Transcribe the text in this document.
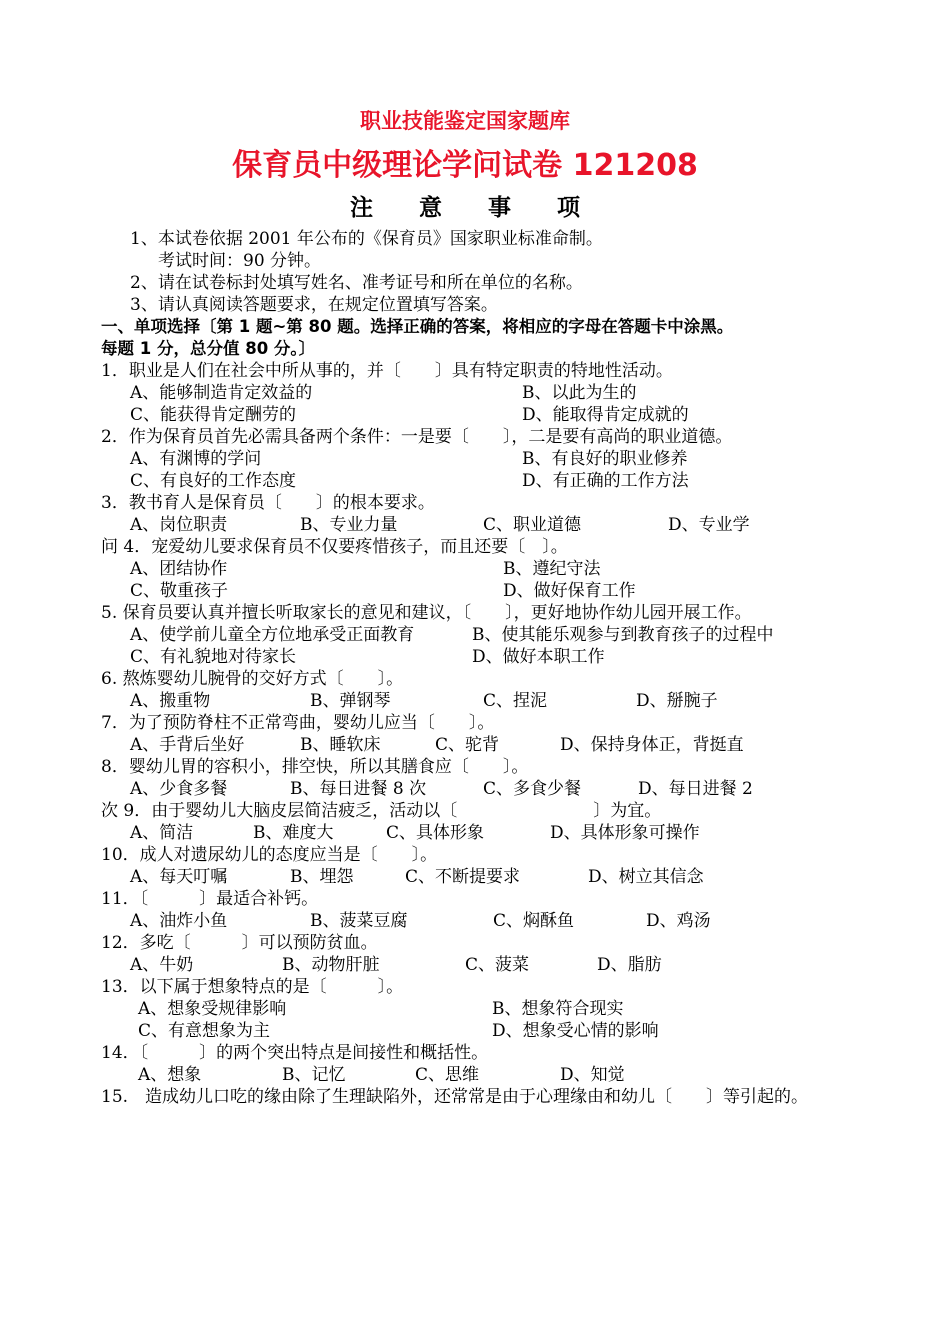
职业技能鉴定国家题库
保育员中级理论学问试卷 121208
注　　意　　事　　项
1、本试卷依据 2001 年公布的《保育员》国家职业标准命制。
考试时间：90 分钟。
2、请在试卷标封处填写姓名、准考证号和所在单位的名称。
3、请认真阅读答题要求，在规定位置填写答案。
一、单项选择〔第 1 题~第 80 题。选择正确的答案，将相应的字母在答题卡中涂黑。
每题 1 分，总分值 80 分。〕
1．职业是人们在社会中所从事的，并〔　　〕具有特定职责的特地性活动。
A、能够制造肯定效益的	B、以此为生的
C、能获得肯定酬劳的	D、能取得肯定成就的
2．作为保育员首先必需具备两个条件：一是要〔　　〕，二是要有高尚的职业道德。
A、有渊博的学问	B、有良好的职业修养
C、有良好的工作态度	D、有正确的工作方法
3．教书育人是保育员〔　　〕的根本要求。
A、岗位职责	B、专业力量	C、职业道德	D、专业学
问 4．宠爱幼儿要求保育员不仅要疼惜孩子，而且还要〔　〕。
A、团结协作	B、遵纪守法
C、敬重孩子	D、做好保育工作
5. 保育员要认真并擅长听取家长的意见和建议，〔　　〕，更好地协作幼儿园开展工作。
A、使学前儿童全方位地承受正面教育	B、使其能乐观参与到教育孩子的过程中
C、有礼貌地对待家长	D、做好本职工作
6. 熬炼婴幼儿腕骨的交好方式〔　　〕。
A、搬重物	B、弹钢琴	C、捏泥	D、掰腕子
7．为了预防脊柱不正常弯曲，婴幼儿应当〔　　〕。
A、手背后坐好	B、睡软床	C、驼背	D、保持身体正，背挺直
8．婴幼儿胃的容积小，排空快，所以其膳食应〔　　〕。
A、少食多餐	B、每日进餐 8 次	C、多食少餐	D、每日进餐 2
次 9．由于婴幼儿大脑皮层简洁疲乏，活动以〔　　　　　　　　〕为宜。
A、简洁	B、难度大	C、具体形象	D、具体形象可操作
10．成人对遗尿幼儿的态度应当是〔　　〕。
A、每天叮嘱	B、埋怨	C、不断提要求	D、树立其信念
11．〔　　　〕最适合补钙。
A、油炸小鱼	B、菠菜豆腐	C、焖酥鱼	D、鸡汤
12．多吃〔　　　〕可以预防贫血。
A、牛奶	B、动物肝脏	C、菠菜	D、脂肪
13．以下属于想象特点的是〔　　　〕。
A、想象受规律影响	B、想象符合现实
C、有意想象为主	D、想象受心情的影响
14．〔　　　〕的两个突出特点是间接性和概括性。
A、想象	B、记忆	C、思维	D、知觉
15.　造成幼儿口吃的缘由除了生理缺陷外，还常常是由于心理缘由和幼儿〔　　〕等引起的。
